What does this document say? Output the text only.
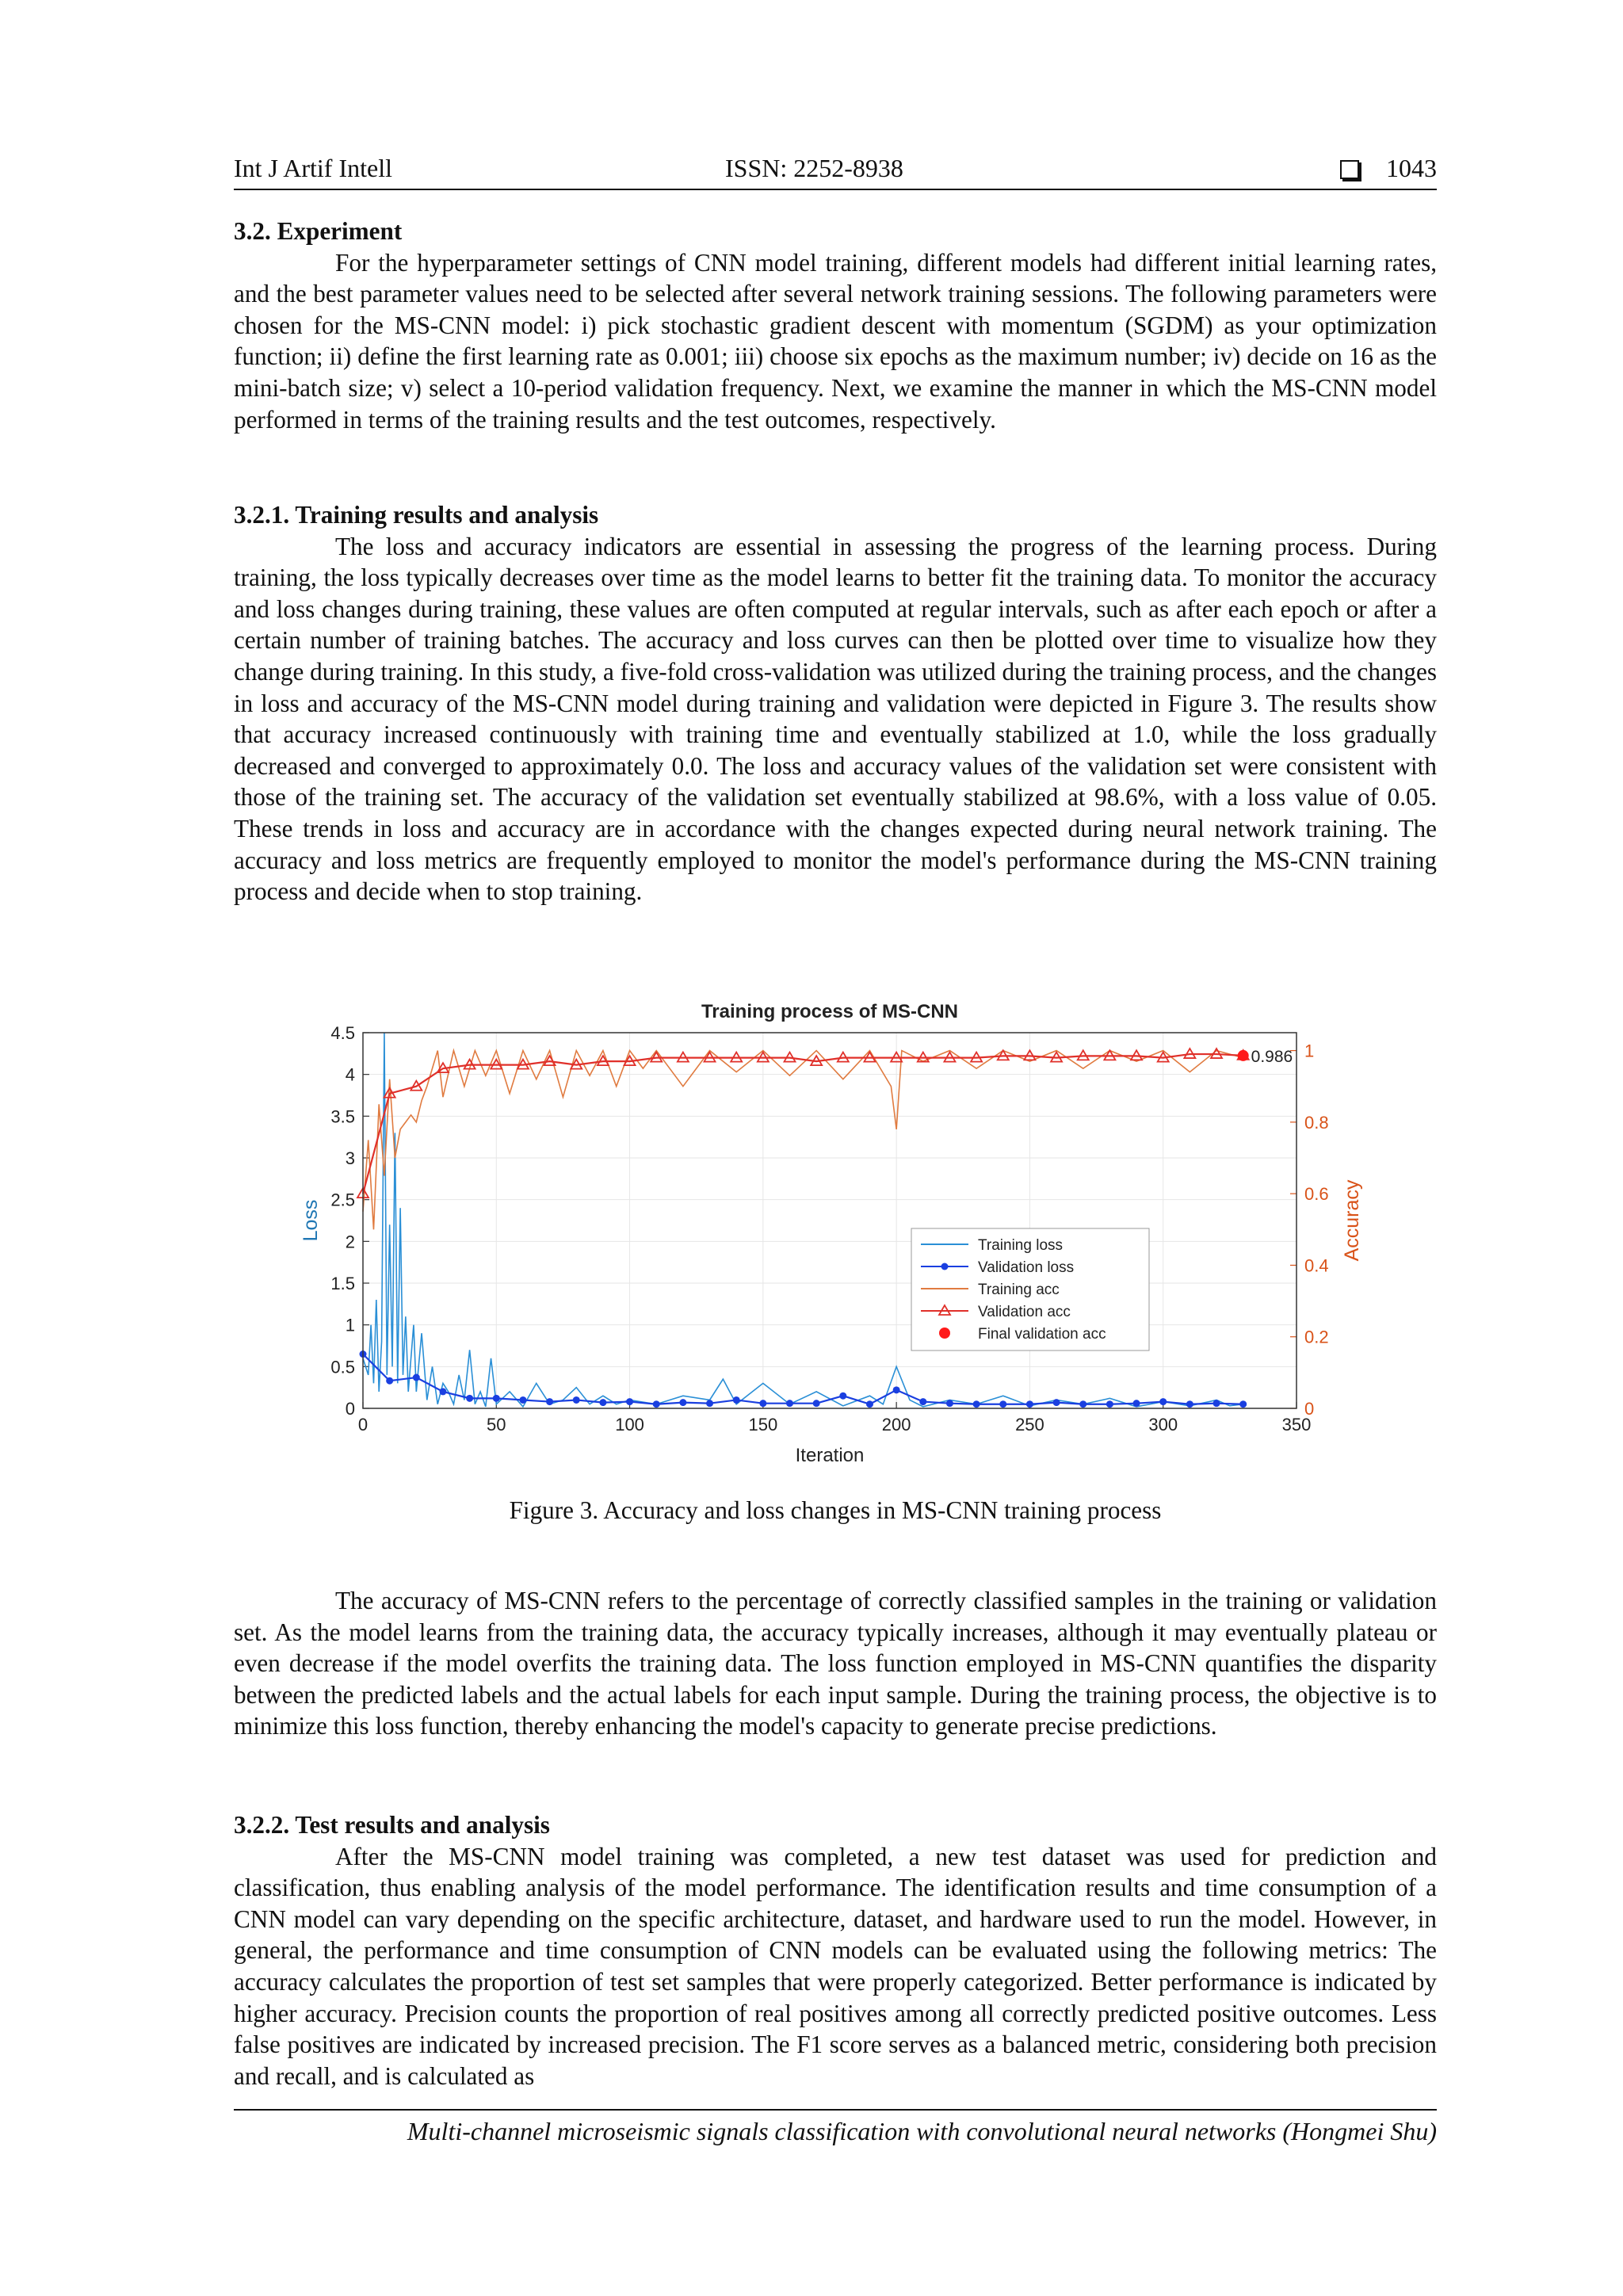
Int J Artif Intell	ISSN: 2252-8938	1043

3.2. Experiment

For the hyperparameter settings of CNN model training, different models had different initial learning rates, and the best parameter values need to be selected after several network training sessions. The following parameters were chosen for the MS-CNN model: i) pick stochastic gradient descent with momentum (SGDM) as your optimization function; ii) define the first learning rate as 0.001; iii) choose six epochs as the maximum number; iv) decide on 16 as the mini-batch size; v) select a 10-period validation frequency. Next, we examine the manner in which the MS-CNN model performed in terms of the training results and the test outcomes, respectively.

3.2.1. Training results and analysis

The loss and accuracy indicators are essential in assessing the progress of the learning process. During training, the loss typically decreases over time as the model learns to better fit the training data. To monitor the accuracy and loss changes during training, these values are often computed at regular intervals, such as after each epoch or after a certain number of training batches. The accuracy and loss curves can then be plotted over time to visualize how they change during training. In this study, a five-fold cross-validation was utilized during the training process, and the changes in loss and accuracy of the MS-CNN model during training and validation were depicted in Figure 3. The results show that accuracy increased continuously with training time and eventually stabilized at 1.0, while the loss gradually decreased and converged to approximately 0.0. The loss and accuracy values of the validation set were consistent with those of the training set. The accuracy of the validation set eventually stabilized at 98.6%, with a loss value of 0.05. These trends in loss and accuracy are in accordance with the changes expected during neural network training. The accuracy and loss metrics are frequently employed to monitor the model's performance during the MS-CNN training process and decide when to stop training.

Training process of MS-CNN
0	50	100	150	200	250	300	350
0
0.5
1
1.5
2
2.5
3
3.5
4
4.5
0
0.2
0.4
0.6
0.8
1
0.986
Iteration
Loss	Accuracy
Training loss
Validation loss
Training acc
Validation acc
Final validation acc
Figure 3. Accuracy and loss changes in MS-CNN training process

The accuracy of MS-CNN refers to the percentage of correctly classified samples in the training or validation set. As the model learns from the training data, the accuracy typically increases, although it may eventually plateau or even decrease if the model overfits the training data. The loss function employed in MS-CNN quantifies the disparity between the predicted labels and the actual labels for each input sample. During the training process, the objective is to minimize this loss function, thereby enhancing the model's capacity to generate precise predictions.

3.2.2. Test results and analysis

After the MS-CNN model training was completed, a new test dataset was used for prediction and classification, thus enabling analysis of the model performance. The identification results and time consumption of a CNN model can vary depending on the specific architecture, dataset, and hardware used to run the model. However, in general, the performance and time consumption of CNN models can be evaluated using the following metrics: The accuracy calculates the proportion of test set samples that were properly categorized. Better performance is indicated by higher accuracy. Precision counts the proportion of real positives among all correctly predicted positive outcomes. Less false positives are indicated by increased precision. The F1 score serves as a balanced metric, considering both precision and recall, and is calculated as

Multi-channel microseismic signals classification with convolutional neural networks (Hongmei Shu)
